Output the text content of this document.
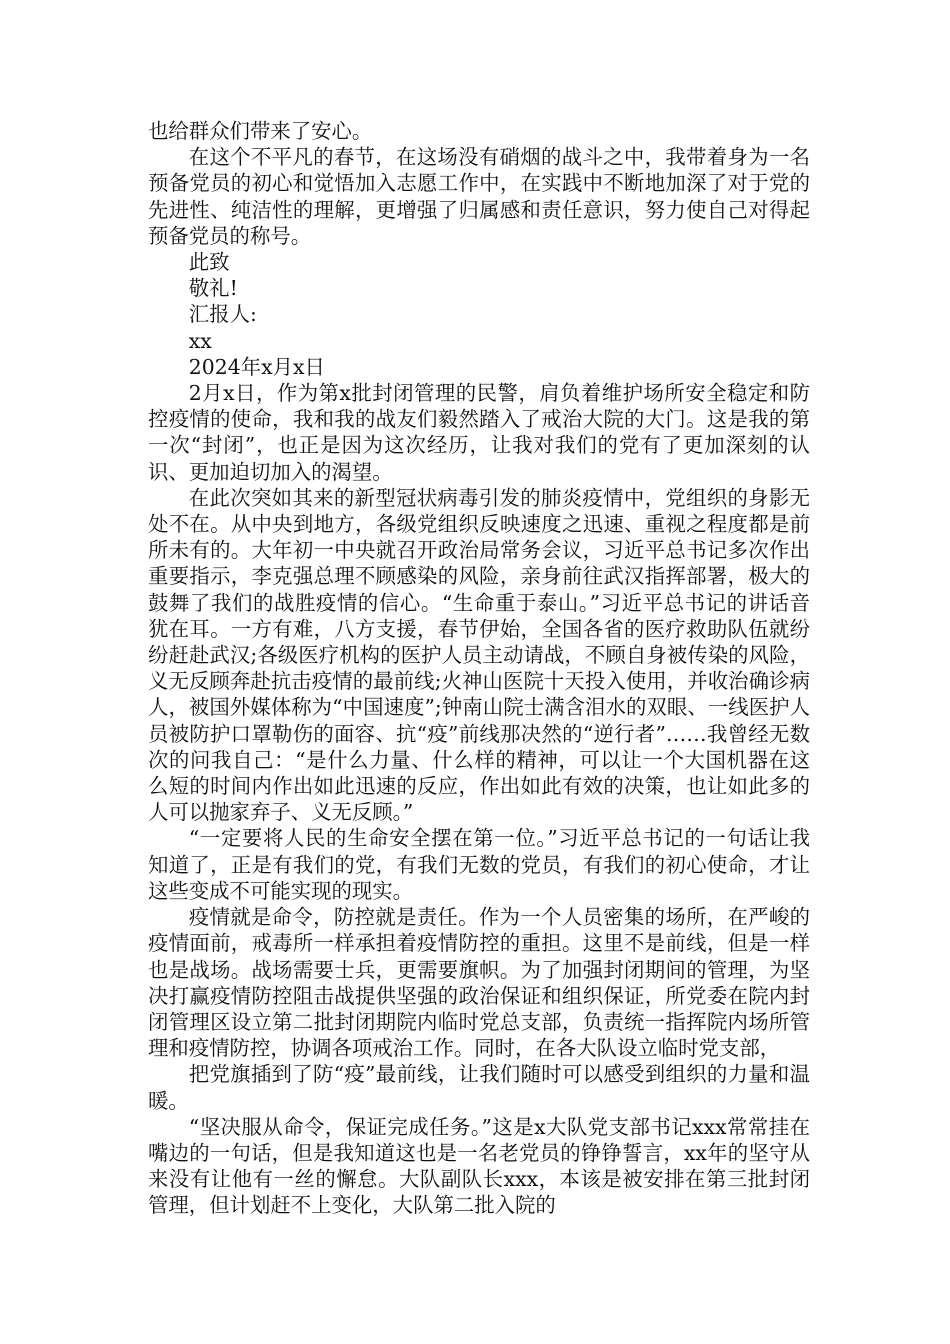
也给群众们带来了安心。

在这个不平凡的春节，在这场没有硝烟的战斗之中，我带着身为一名预备党员的初心和觉悟加入志愿工作中，在实践中不断地加深了对于党的先进性、纯洁性的理解，更增强了归属感和责任意识，努力使自己对得起预备党员的称号。

此致

敬礼!

汇报人:

xx

2024年x月x日

2月x日，作为第x批封闭管理的民警，肩负着维护场所安全稳定和防控疫情的使命，我和我的战友们毅然踏入了戒治大院的大门。这是我的第一次“封闭”，也正是因为这次经历，让我对我们的党有了更加深刻的认识、更加迫切加入的渴望。

在此次突如其来的新型冠状病毒引发的肺炎疫情中，党组织的身影无处不在。从中央到地方，各级党组织反映速度之迅速、重视之程度都是前所未有的。大年初一中央就召开政治局常务会议，习近平总书记多次作出重要指示，李克强总理不顾感染的风险，亲身前往武汉指挥部署，极大的鼓舞了我们的战胜疫情的信心。“生命重于泰山。”习近平总书记的讲话音犹在耳。一方有难，八方支援，春节伊始，全国各省的医疗救助队伍就纷纷赶赴武汉;各级医疗机构的医护人员主动请战，不顾自身被传染的风险，义无反顾奔赴抗击疫情的最前线;火神山医院十天投入使用，并收治确诊病人，被国外媒体称为“中国速度”;钟南山院士满含泪水的双眼、一线医护人员被防护口罩勒伤的面容、抗“疫”前线那决然的“逆行者”……我曾经无数次的问我自己：“是什么力量、什么样的精神，可以让一个大国机器在这么短的时间内作出如此迅速的反应，作出如此有效的决策，也让如此多的人可以抛家弃子、义无反顾。”

“一定要将人民的生命安全摆在第一位。”习近平总书记的一句话让我知道了，正是有我们的党，有我们无数的党员，有我们的初心使命，才让这些变成不可能实现的现实。

疫情就是命令，防控就是责任。作为一个人员密集的场所，在严峻的疫情面前，戒毒所一样承担着疫情防控的重担。这里不是前线，但是一样也是战场。战场需要士兵，更需要旗帜。为了加强封闭期间的管理，为坚决打赢疫情防控阻击战提供坚强的政治保证和组织保证，所党委在院内封闭管理区设立第二批封闭期院内临时党总支部，负责统一指挥院内场所管理和疫情防控，协调各项戒治工作。同时，在各大队设立临时党支部，

把党旗插到了防“疫”最前线，让我们随时可以感受到组织的力量和温暖。

“坚决服从命令，保证完成任务。”这是x大队党支部书记xxx常常挂在嘴边的一句话，但是我知道这也是一名老党员的铮铮誓言，xx年的坚守从来没有让他有一丝的懈怠。大队副队长xxx，本该是被安排在第三批封闭管理，但计划赶不上变化，大队第二批入院的
